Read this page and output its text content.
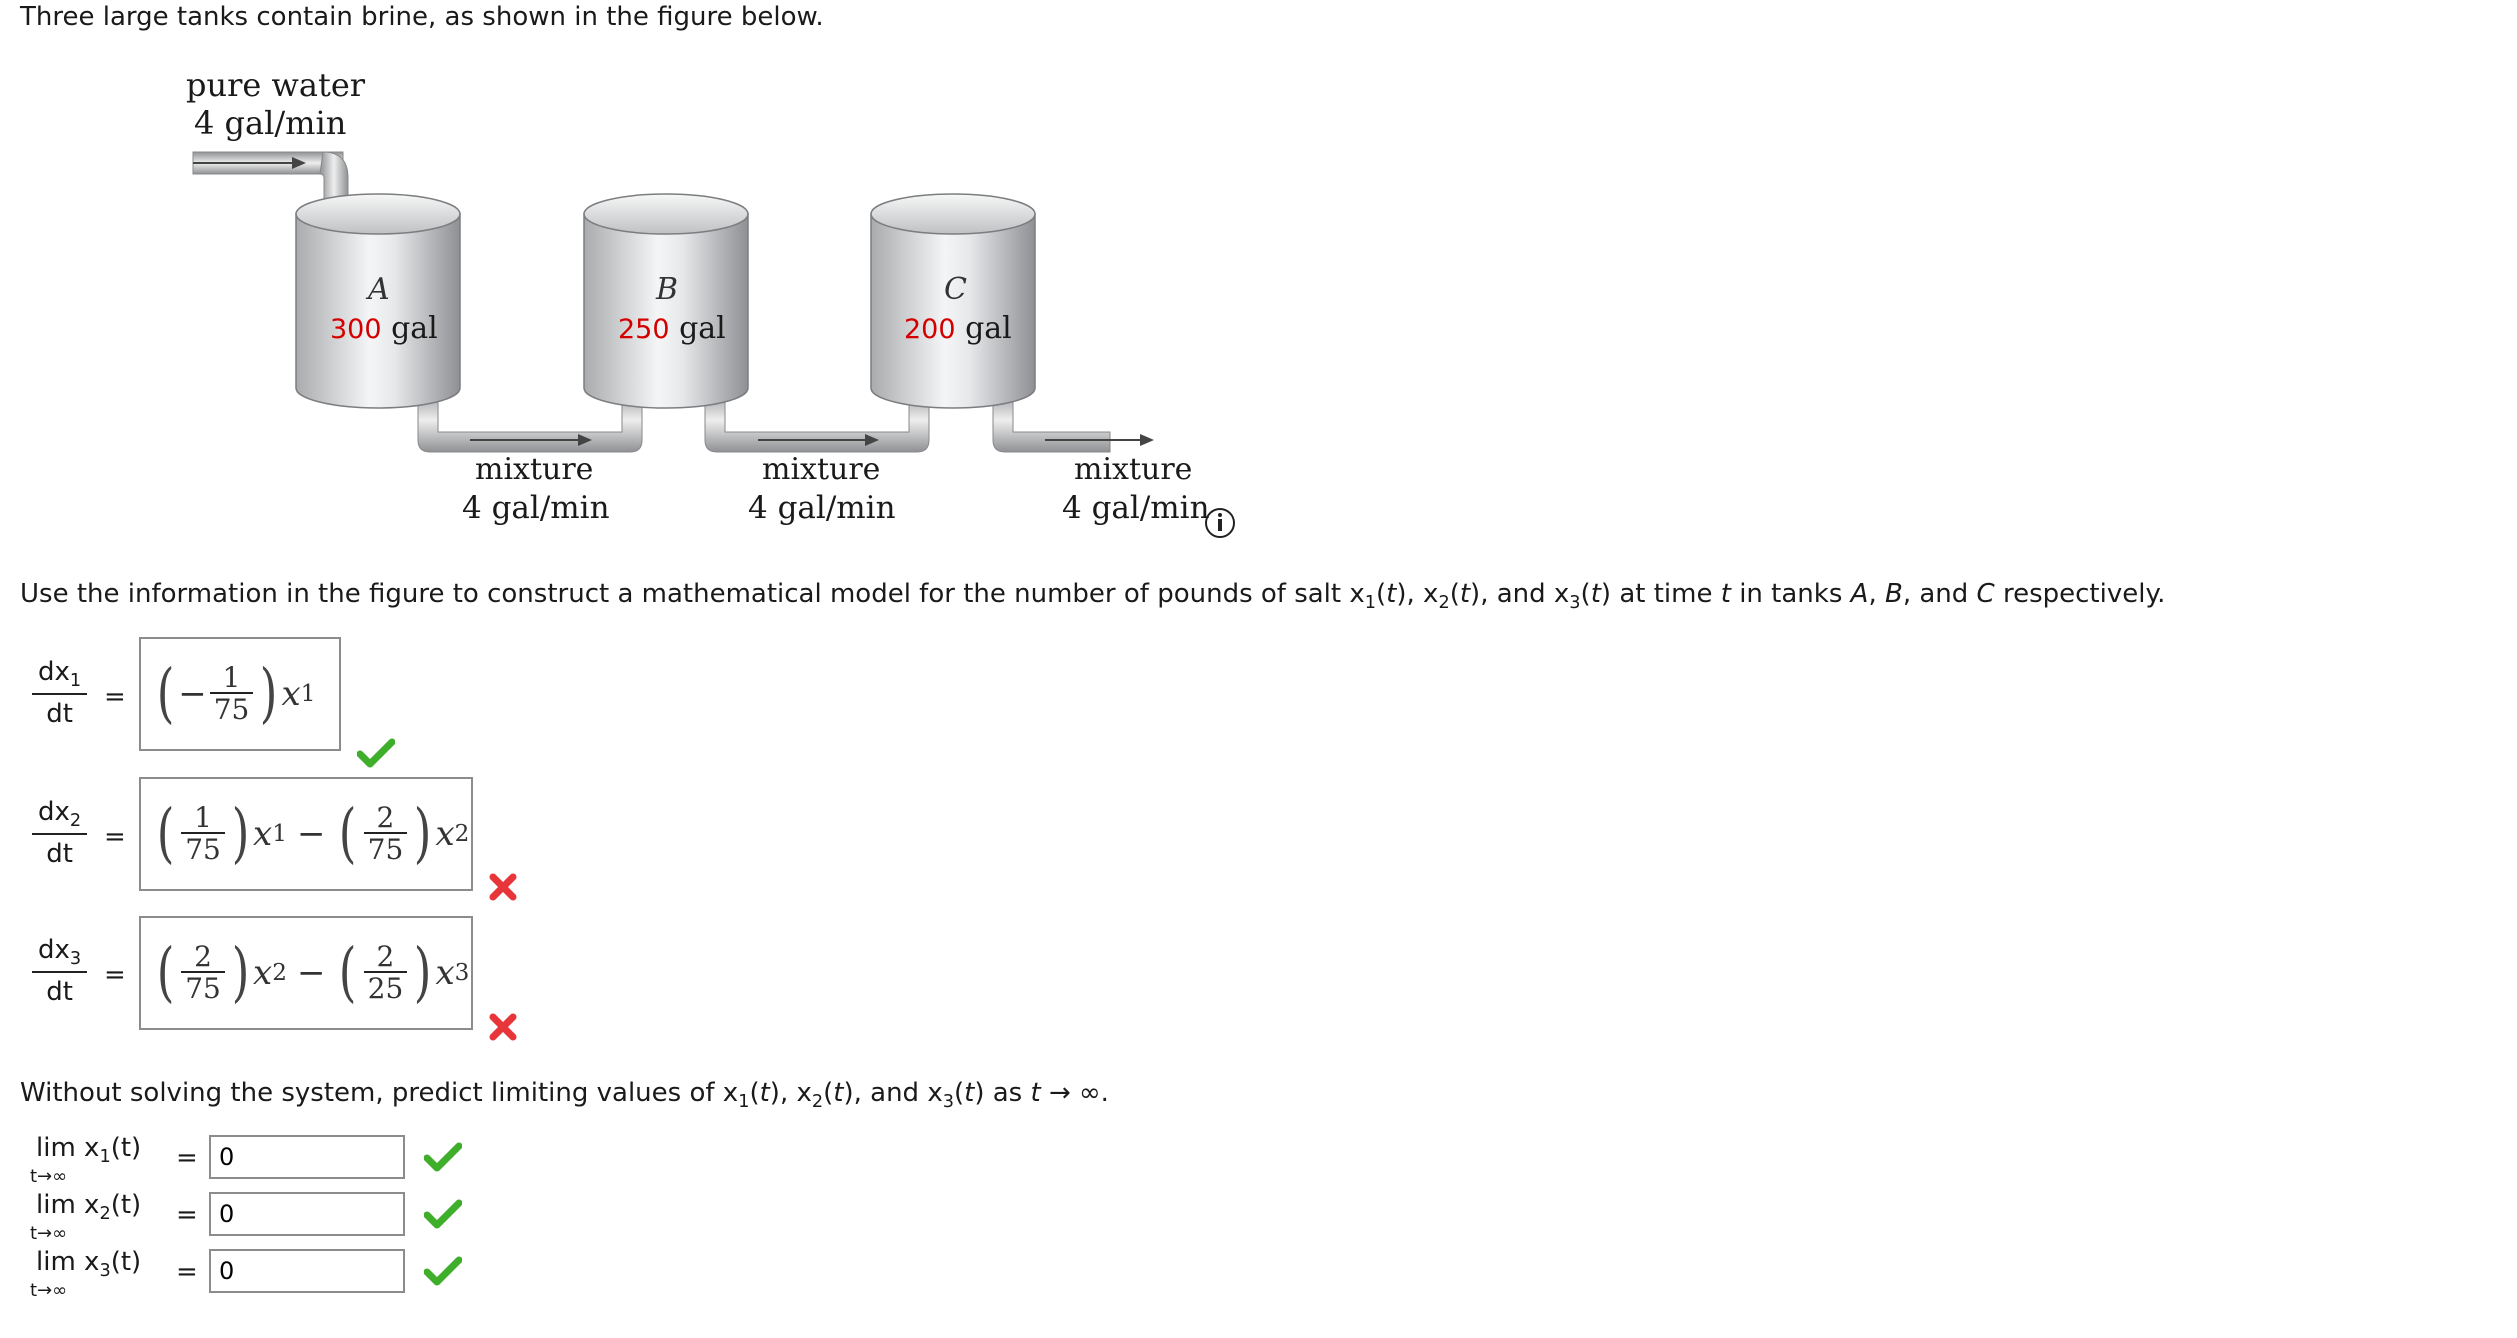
Three large tanks contain brine, as shown in the figure below.
pure water
4 gal/min
A
300 gal
B
250 gal
C
200 gal
mixture
4 gal/min
mixture
4 gal/min
mixture
4 gal/min
Use the information in the figure to construct a mathematical model for the number of pounds of salt $x_1(t)$, $x_2(t)$, and $x_3(t)$ at time t in tanks A, B, and C respectively.
$\frac{dx_1}{dt}$ = ( − $\frac{1}{75}$ ) x 1
$\frac{dx_2}{dt}$ = ( $\frac{1}{75}$ ) x 1 − ( $\frac{2}{75}$ ) x 2
$\frac{dx_3}{dt}$ = ( $\frac{2}{75}$ ) x 2 − ( $\frac{2}{25}$ ) x 3
Without solving the system, predict limiting values of $x_1(t)$, $x_2(t)$, and $x_3(t)$ as t → ∞.
$\lim x_1(t)$
t→∞
=
0
$\lim x_2(t)$
t→∞
=
0
$\lim x_3(t)$
t→∞
=
0
